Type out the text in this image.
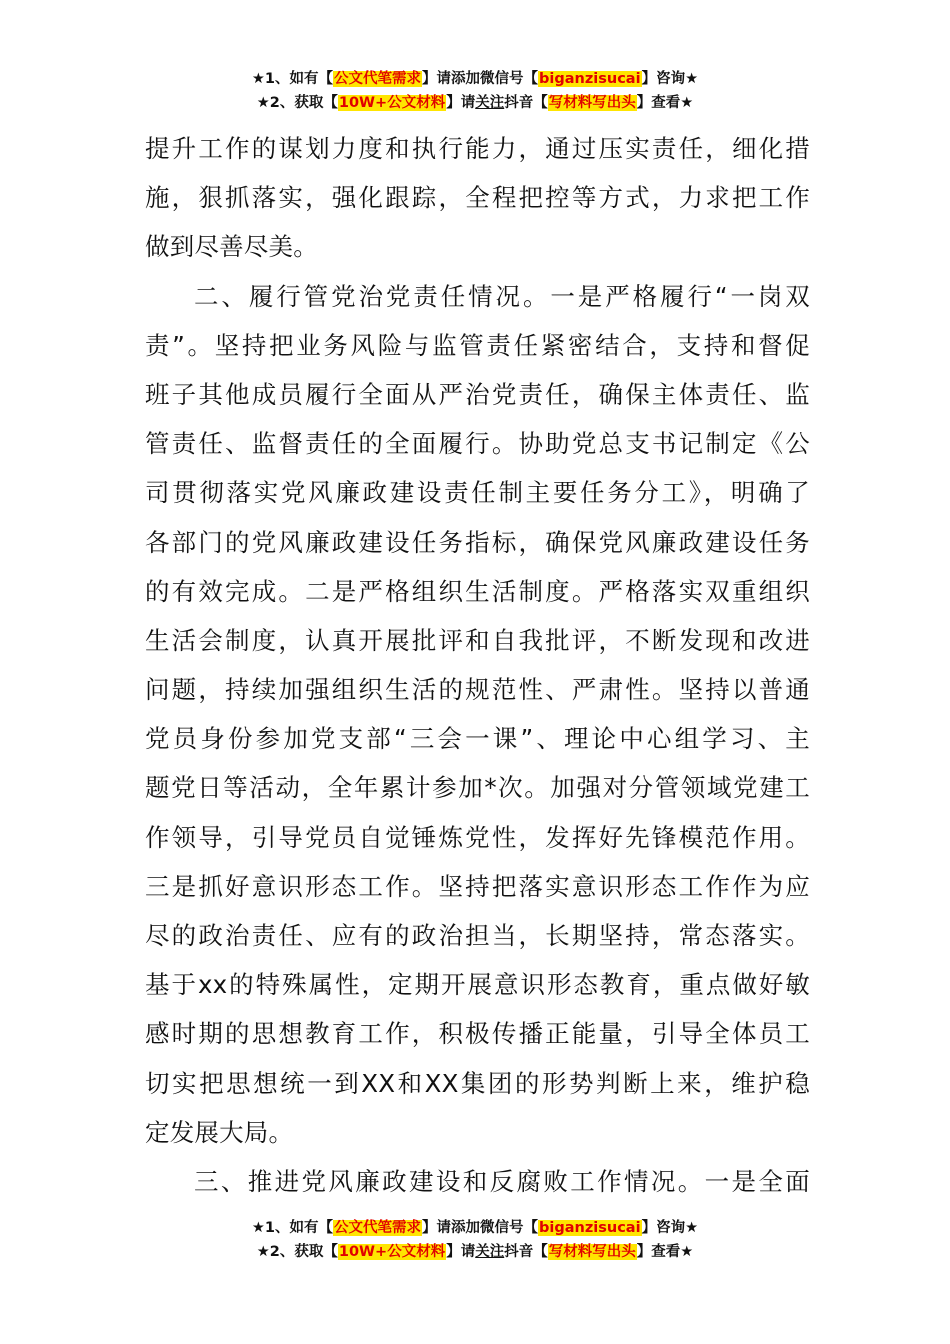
★1、如有【公文代笔需求】请添加微信号【biganzisucai】咨询★
★2、获取【10W+公文材料】请关注抖音【写材料写出头】查看★
提升工作的谋划力度和执行能力，通过压实责任，细化措
施，狠抓落实，强化跟踪，全程把控等方式，力求把工作
做到尽善尽美。
二、履行管党治党责任情况。一是严格履行“一岗双
责”。坚持把业务风险与监管责任紧密结合，支持和督促
班子其他成员履行全面从严治党责任，确保主体责任、监
管责任、监督责任的全面履行。协助党总支书记制定《公
司贯彻落实党风廉政建设责任制主要任务分工》，明确了
各部门的党风廉政建设任务指标，确保党风廉政建设任务
的有效完成。二是严格组织生活制度。严格落实双重组织
生活会制度，认真开展批评和自我批评，不断发现和改进
问题，持续加强组织生活的规范性、严肃性。坚持以普通
党员身份参加党支部“三会一课”、理论中心组学习、主
题党日等活动，全年累计参加*次。加强对分管领域党建工
作领导，引导党员自觉锤炼党性，发挥好先锋模范作用。
三是抓好意识形态工作。坚持把落实意识形态工作作为应
尽的政治责任、应有的政治担当，长期坚持，常态落实。
基于xx的特殊属性，定期开展意识形态教育，重点做好敏
感时期的思想教育工作，积极传播正能量，引导全体员工
切实把思想统一到XX和XX集团的形势判断上来，维护稳
定发展大局。
三、推进党风廉政建设和反腐败工作情况。一是全面
★1、如有【公文代笔需求】请添加微信号【biganzisucai】咨询★
★2、获取【10W+公文材料】请关注抖音【写材料写出头】查看★
